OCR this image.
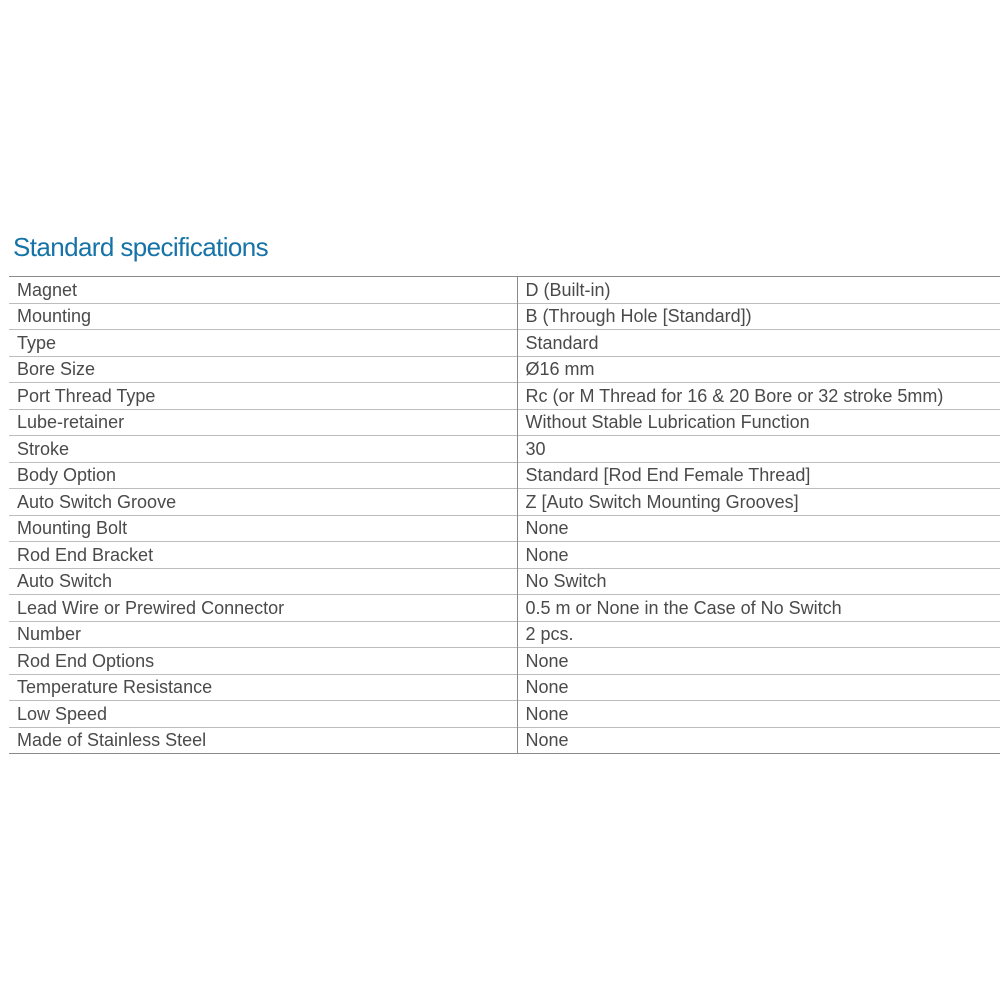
Standard specifications
Magnet	D (Built-in)
Mounting	B (Through Hole [Standard])
Type	Standard
Bore Size	Ø16 mm
Port Thread Type	Rc (or M Thread for 16 & 20 Bore or 32 stroke 5mm)
Lube-retainer	Without Stable Lubrication Function
Stroke	30
Body Option	Standard [Rod End Female Thread]
Auto Switch Groove	Z [Auto Switch Mounting Grooves]
Mounting Bolt	None
Rod End Bracket	None
Auto Switch	No Switch
Lead Wire or Prewired Connector	0.5 m or None in the Case of No Switch
Number	2 pcs.
Rod End Options	None
Temperature Resistance	None
Low Speed	None
Made of Stainless Steel	None
